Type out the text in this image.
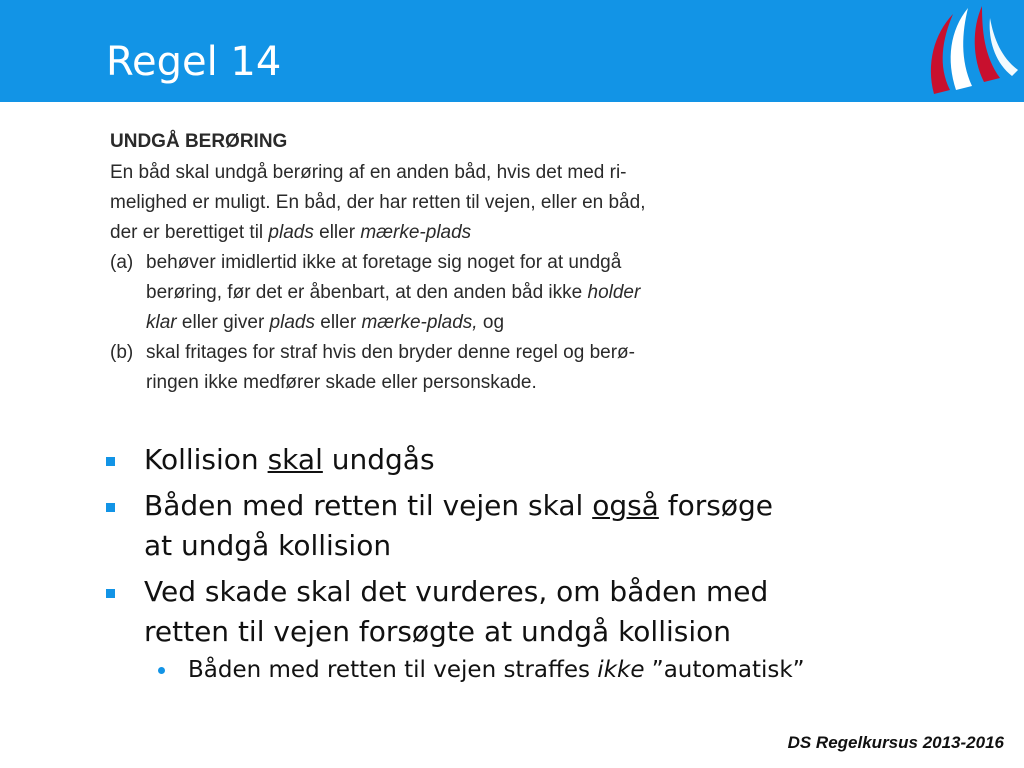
Regel 14
UNDGÅ BERØRING
En båd skal undgå berøring af en anden båd, hvis det med ri-
melighed er muligt. En båd, der har retten til vejen, eller en båd,
der er berettiget til plads eller mærke-plads
(a) behøver imidlertid ikke at foretage sig noget for at undgå
berøring, før det er åbenbart, at den anden båd ikke holder
klar eller giver plads eller mærke-plads, og
(b) skal fritages for straf hvis den bryder denne regel og berø-
ringen ikke medfører skade eller personskade.
Kollision skal undgås
Båden med retten til vejen skal også forsøge
at undgå kollision
Ved skade skal det vurderes, om båden med
retten til vejen forsøgte at undgå kollision
Båden med retten til vejen straffes ikke ”automatisk”
DS Regelkursus 2013-2016
